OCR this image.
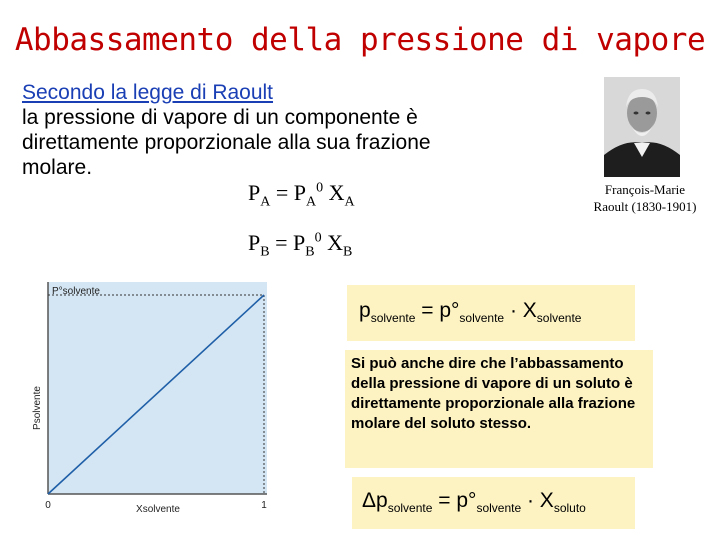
Abbassamento della pressione di vapore
Secondo la legge di Raoult
la pressione di vapore di un componente è
direttamente proporzionale alla sua frazione
molare.
$P_A = P_A^0$ $X_A$
$P_B = P_B^0$ $X_B$
François-Marie
Raoult (1830-1901)
P°solvente
Psolvente
Xsolvente
0	1
$p_{solvente} = p^\circ_{solvente} \cdot X_{solvente}$
Si può anche dire che l’abbassamento della pressione di vapore di un soluto è direttamente proporzionale alla frazione molare del soluto stesso.
$\Delta p_{solvente} = p^\circ_{solvente} \cdot X_{soluto}$
